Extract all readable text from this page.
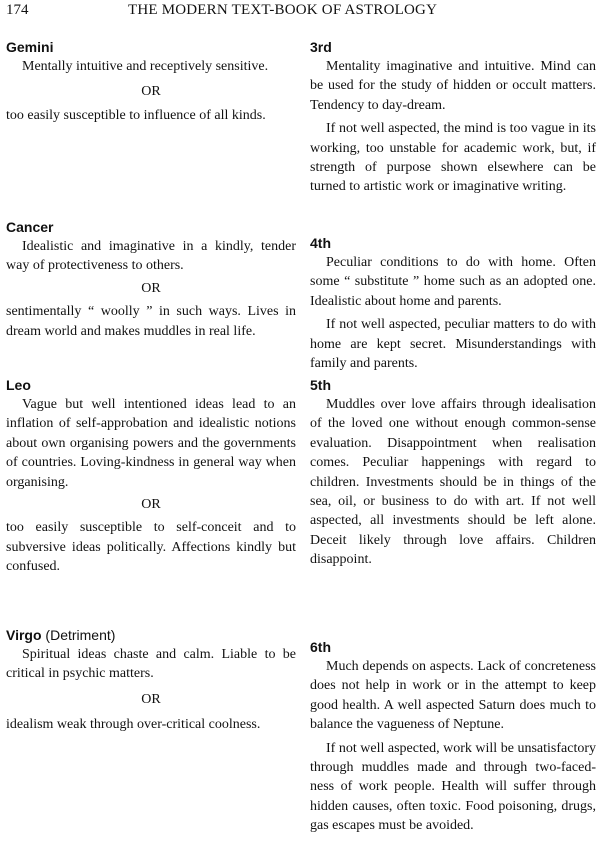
174	THE MODERN TEXT-BOOK OF ASTROLOGY
Gemini

Mentally intuitive and receptively sensitive.

OR

too easily susceptible to influence of all kinds.

Cancer

Idealistic and imaginative in a kindly, tender way of protectiveness to others.

OR

sentimentally “ woolly ” in such ways. Lives in dream world and makes muddles in real life.

Leo

Vague but well intentioned ideas lead to an inflation of self-approbation and idealistic notions about own organising powers and the governments of countries. Loving-kindness in general way when organising.

OR

too easily susceptible to self-conceit and to subversive ideas politically. Affections kindly but confused.

Virgo (Detriment)

Spiritual ideas chaste and calm. Liable to be critical in psychic matters.

OR

idealism weak through over-critical coolness.

3rd

Mentality imaginative and intuitive. Mind can be used for the study of hidden or occult matters. Tendency to day-dream.

If not well aspected, the mind is too vague in its working, too unstable for academic work, but, if strength of purpose shown elsewhere can be turned to artistic work or imaginative writing.

4th

Peculiar conditions to do with home. Often some “ substitute ” home such as an adopted one. Idealistic about home and parents.

If not well aspected, peculiar matters to do with home are kept secret. Misunderstandings with family and parents.

5th

Muddles over love affairs through idealisation of the loved one without enough common-sense evaluation. Disappointment when realisation comes. Peculiar happenings with regard to children. Investments should be in things of the sea, oil, or business to do with art. If not well aspected, all investments should be left alone. Deceit likely through love affairs. Children disappoint.

6th

Much depends on aspects. Lack of concreteness does not help in work or in the attempt to keep good health. A well aspected Saturn does much to balance the vagueness of Neptune.

If not well aspected, work will be unsatisfactory through muddles made and through two-faced-ness of work people. Health will suffer through hidden causes, often toxic. Food poisoning, drugs, gas escapes must be avoided.
